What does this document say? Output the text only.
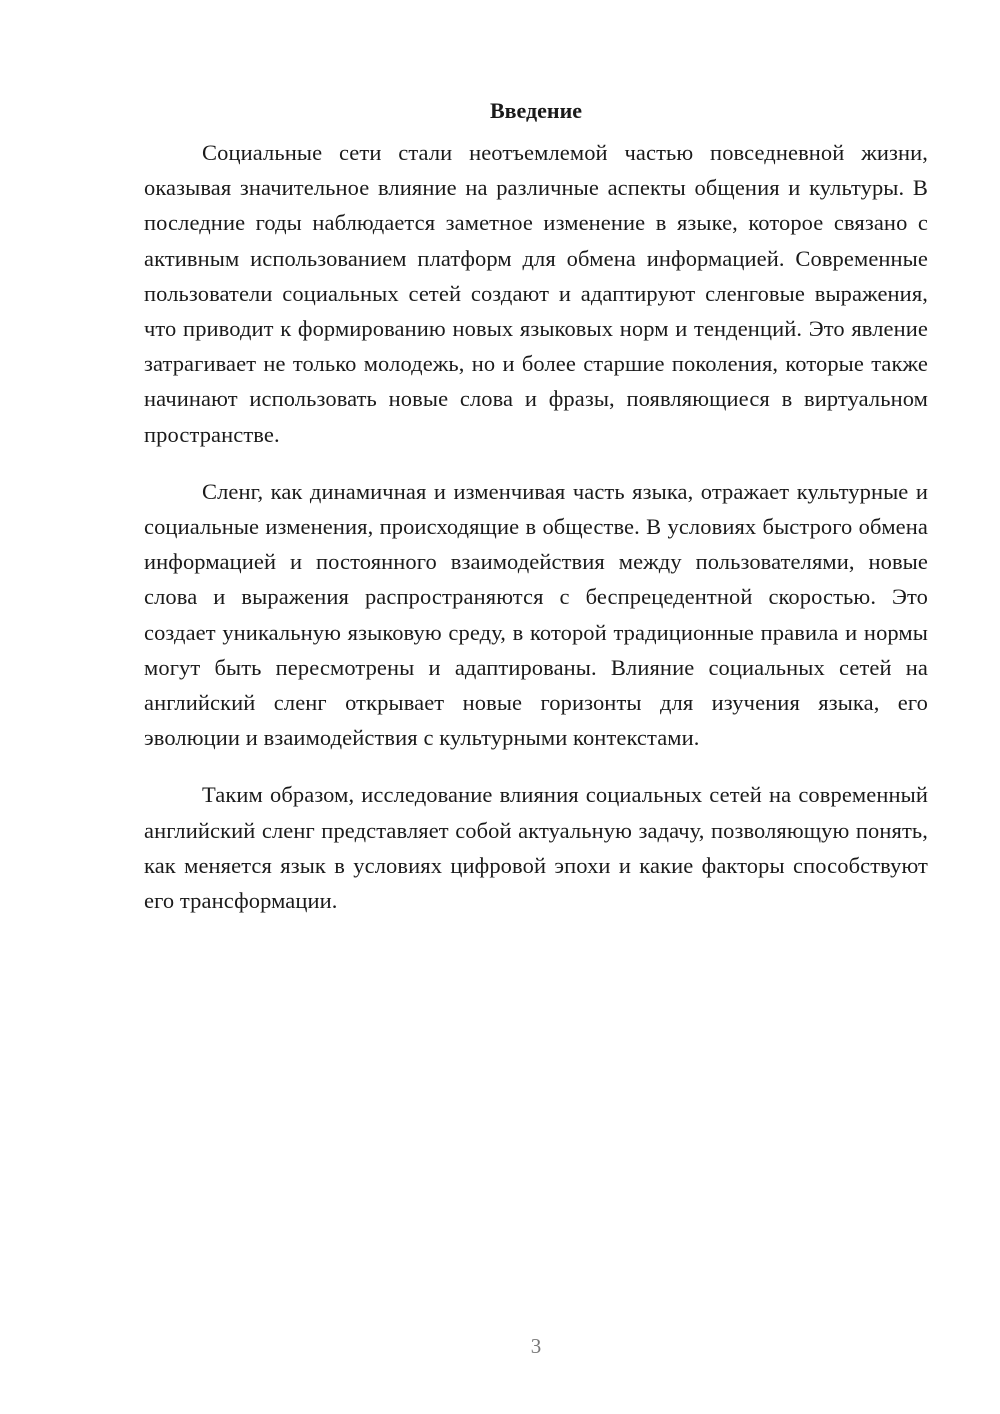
Введение

Социальные сети стали неотъемлемой частью повседневной жизни, оказывая значительное влияние на различные аспекты общения и культуры. В последние годы наблюдается заметное изменение в языке, которое связано с активным использованием платформ для обмена информацией. Современные пользователи социальных сетей создают и адаптируют сленговые выражения, что приводит к формированию новых языковых норм и тенденций. Это явление затрагивает не только молодежь, но и более старшие поколения, которые также начинают использовать новые слова и фразы, появляющиеся в виртуальном пространстве.

Сленг, как динамичная и изменчивая часть языка, отражает культурные и социальные изменения, происходящие в обществе. В условиях быстрого обмена информацией и постоянного взаимодействия между пользователями, новые слова и выражения распространяются с беспрецедентной скоростью. Это создает уникальную языковую среду, в которой традиционные правила и нормы могут быть пересмотрены и адаптированы. Влияние социальных сетей на английский сленг открывает новые горизонты для изучения языка, его эволюции и взаимодействия с культурными контекстами.

Таким образом, исследование влияния социальных сетей на современный английский сленг представляет собой актуальную задачу, позволяющую понять, как меняется язык в условиях цифровой эпохи и какие факторы способствуют его трансформации.

3
